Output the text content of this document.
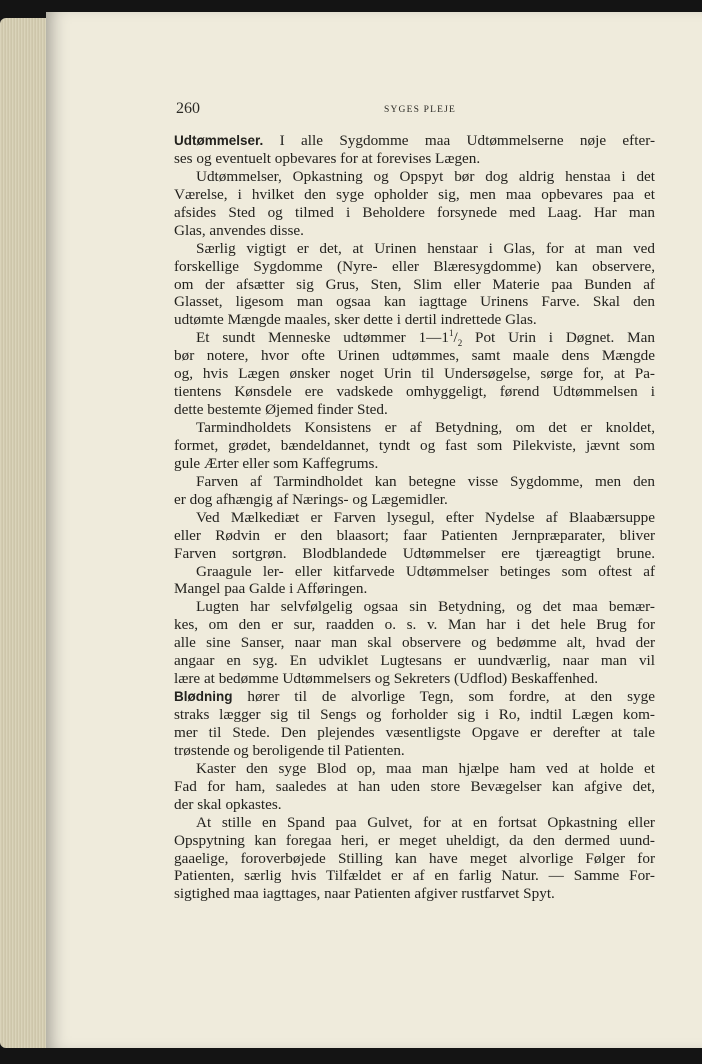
260	SYGES PLEJE
Udtømmelser. I alle Sygdomme maa Udtømmelserne nøje efter-
ses og eventuelt opbevares for at forevises Lægen.
Udtømmelser, Opkastning og Opspyt bør dog aldrig henstaa i det
Værelse, i hvilket den syge opholder sig, men maa opbevares paa et
afsides Sted og tilmed i Beholdere forsynede med Laag. Har man
Glas, anvendes disse.
Særlig vigtigt er det, at Urinen henstaar i Glas, for at man ved
forskellige Sygdomme (Nyre- eller Blæresygdomme) kan observere,
om der afsætter sig Grus, Sten, Slim eller Materie paa Bunden af
Glasset, ligesom man ogsaa kan iagttage Urinens Farve. Skal den
udtømte Mængde maales, sker dette i dertil indrettede Glas.
Et sundt Menneske udtømmer $1—1^1/_2$ Pot Urin i Døgnet. Man
bør notere, hvor ofte Urinen udtømmes, samt maale dens Mængde
og, hvis Lægen ønsker noget Urin til Undersøgelse, sørge for, at Pa-
tientens Kønsdele ere vadskede omhyggeligt, førend Udtømmelsen i
dette bestemte Øjemed finder Sted.
Tarmindholdets Konsistens er af Betydning, om det er knoldet,
formet, grødet, bændeldannet, tyndt og fast som Pilekviste, jævnt som
gule Ærter eller som Kaffegrums.
Farven af Tarmindholdet kan betegne visse Sygdomme, men den
er dog afhængig af Nærings- og Lægemidler.
Ved Mælkediæt er Farven lysegul, efter Nydelse af Blaabærsuppe
eller Rødvin er den blaasort; faar Patienten Jernpræparater, bliver
Farven sortgrøn. Blodblandede Udtømmelser ere tjæreagtigt brune.
Graagule ler- eller kitfarvede Udtømmelser betinges som oftest af
Mangel paa Galde i Afføringen.
Lugten har selvfølgelig ogsaa sin Betydning, og det maa bemær-
kes, om den er sur, raadden o. s. v. Man har i det hele Brug for
alle sine Sanser, naar man skal observere og bedømme alt, hvad der
angaar en syg. En udviklet Lugtesans er uundværlig, naar man vil
lære at bedømme Udtømmelsers og Sekreters (Udflod) Beskaffenhed.
Blødning hører til de alvorlige Tegn, som fordre, at den syge
straks lægger sig til Sengs og forholder sig i Ro, indtil Lægen kom-
mer til Stede. Den plejendes væsentligste Opgave er derefter at tale
trøstende og beroligende til Patienten.
Kaster den syge Blod op, maa man hjælpe ham ved at holde et
Fad for ham, saaledes at han uden store Bevægelser kan afgive det,
der skal opkastes.
At stille en Spand paa Gulvet, for at en fortsat Opkastning eller
Opspytning kan foregaa heri, er meget uheldigt, da den dermed uund-
gaaelige, foroverbøjede Stilling kan have meget alvorlige Følger for
Patienten, særlig hvis Tilfældet er af en farlig Natur. — Samme For-
sigtighed maa iagttages, naar Patienten afgiver rustfarvet Spyt.
